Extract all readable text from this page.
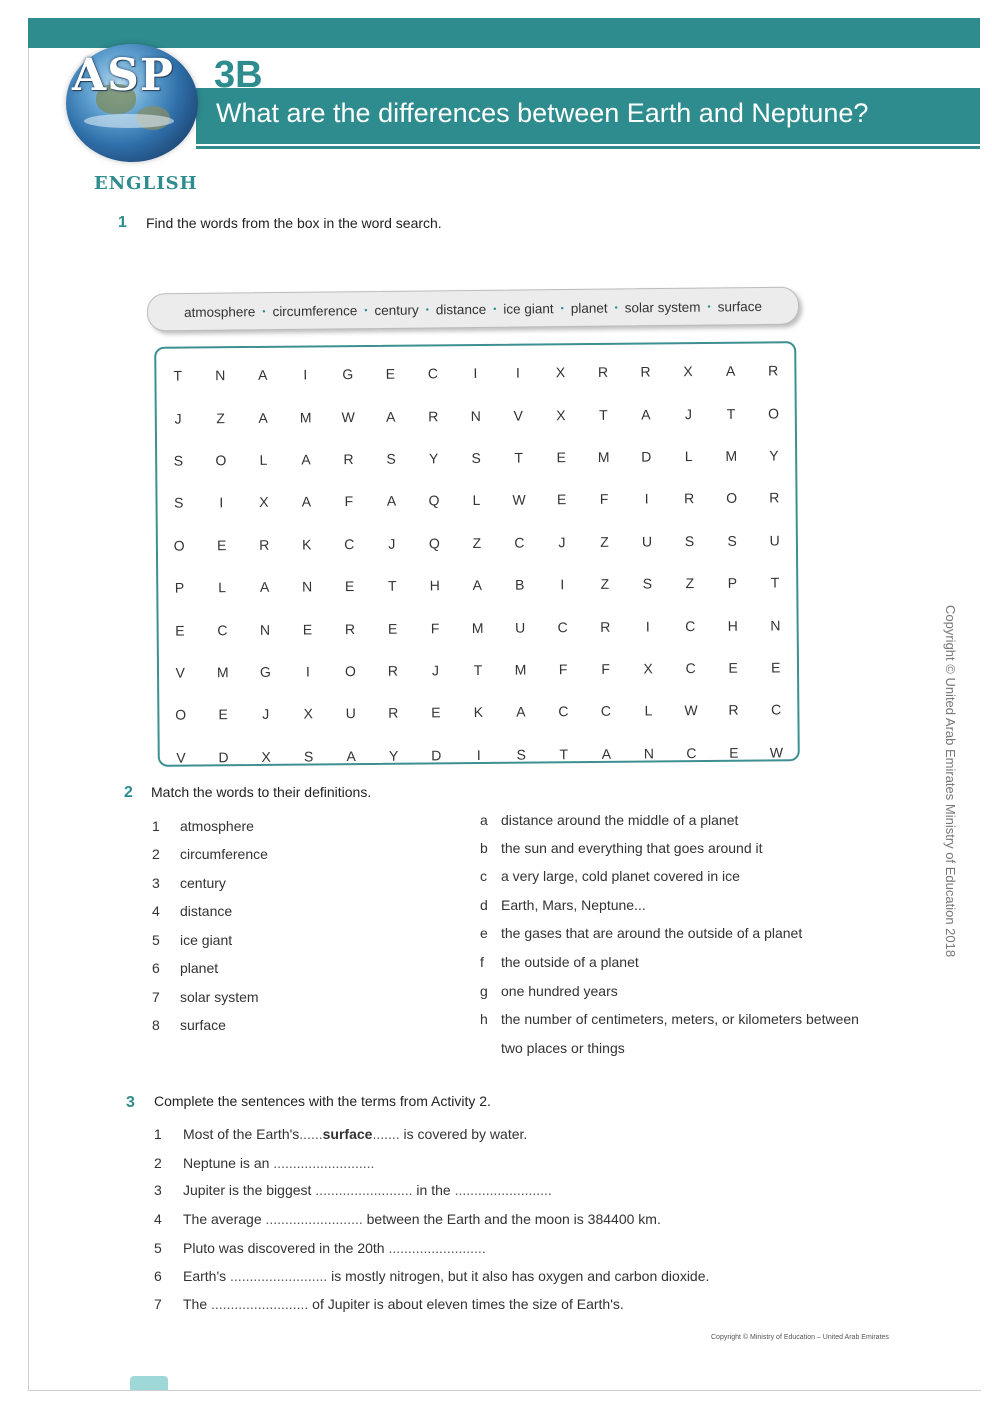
ASP 3B
What are the differences between Earth and Neptune?
ENGLISH
1 Find the words from the box in the word search.
atmosphere • circumference • century • distance • ice giant • planet • solar system • surface
T	N	A	I	G	E	C	I	I	X	R	R	X	A	R
J	Z	A	M	W	A	R	N	V	X	T	A	J	T	O
S	O	L	A	R	S	Y	S	T	E	M	D	L	M	Y
S	I	X	A	F	A	Q	L	W	E	F	I	R	O	R
O	E	R	K	C	J	Q	Z	C	J	Z	U	S	S	U
P	L	A	N	E	T	H	A	B	I	Z	S	Z	P	T
E	C	N	E	R	E	F	M	U	C	R	I	C	H	N
V	M	G	I	O	R	J	T	M	F	F	X	C	E	E
O	E	J	X	U	R	E	K	A	C	C	L	W	R	C
V	D	X	S	A	Y	D	I	S	T	A	N	C	E	W
2 Match the words to their definitions.
1 atmosphere
2 circumference
3 century
4 distance
5 ice giant
6 planet
7 solar system
8 surface
a distance around the middle of a planet
b the sun and everything that goes around it
c a very large, cold planet covered in ice
d Earth, Mars, Neptune...
e the gases that are around the outside of a planet
f the outside of a planet
g one hundred years
h the number of centimeters, meters, or kilometers between
two places or things
3 Complete the sentences with the terms from Activity 2.
1 Most of the Earth's......surface....... is covered by water.
2 Neptune is an ..........................
3 Jupiter is the biggest ......................... in the .........................
4 The average ......................... between the Earth and the moon is 384400 km.
5 Pluto was discovered in the 20th .........................
6 Earth's ......................... is mostly nitrogen, but it also has oxygen and carbon dioxide.
7 The ......................... of Jupiter is about eleven times the size of Earth's.
Copyright © United Arab Emirates Ministry of Education 2018
Copyright © Ministry of Education – United Arab Emirates
